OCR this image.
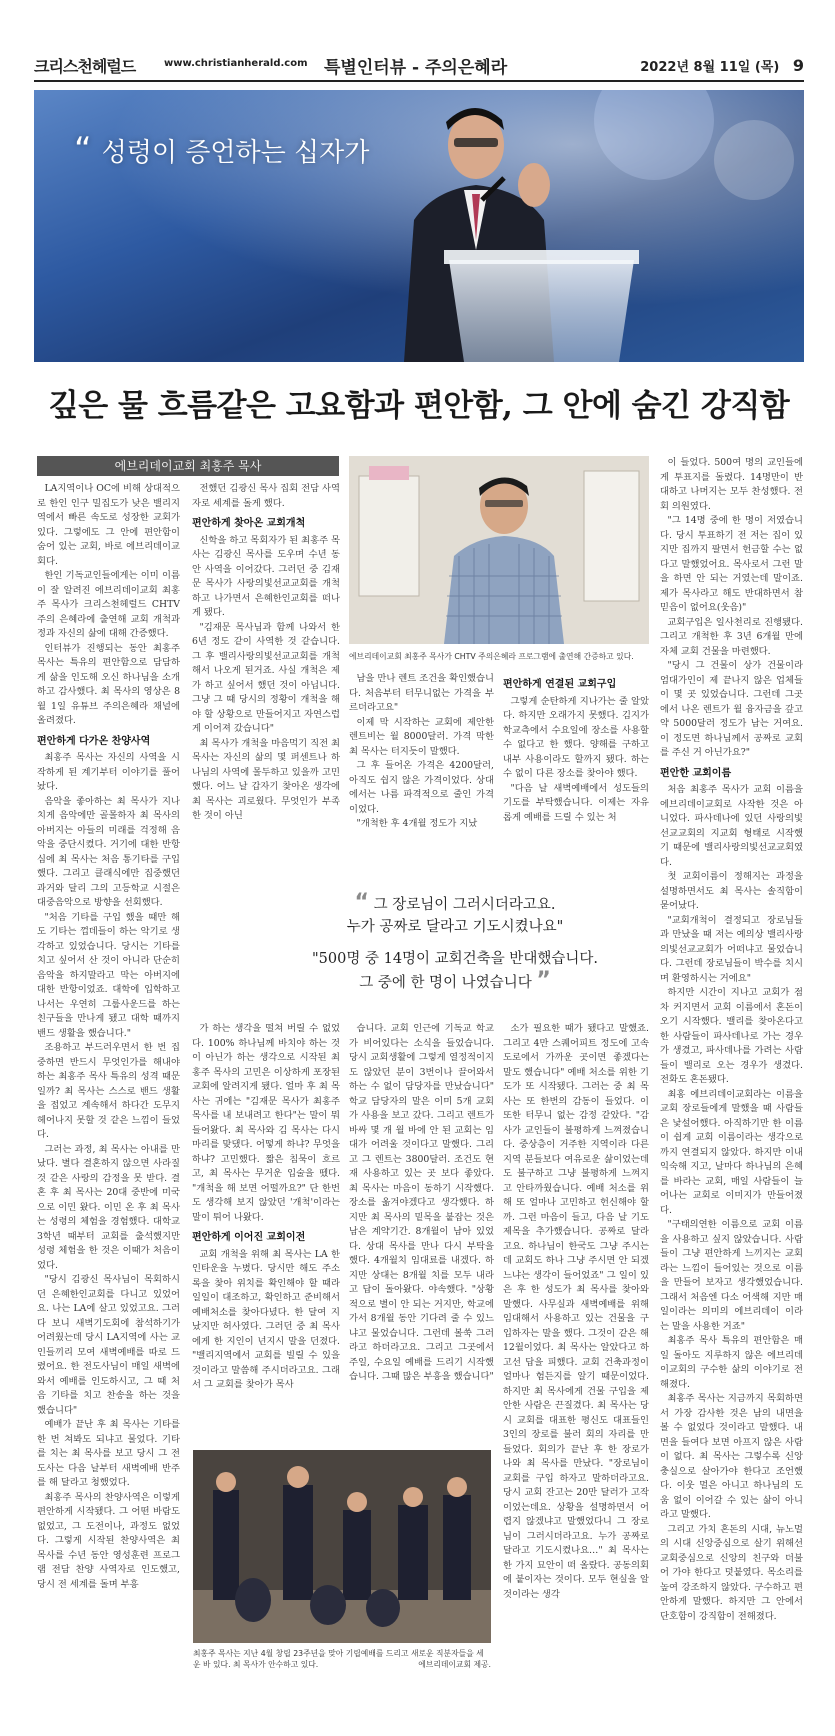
크리스천헤럴드	www.christianherald.com 특별인터뷰 - 주의은혜라	2022년 8월 11일 (목) 9
“ 성령이 증언하는 십자가
깊은 물 흐름같은 고요함과 편안함, 그 안에 숨긴 강직함
에브리데이교회 최홍주 목사

LA지역이나 OC에 비해 상대적으로 한인 인구 밀집도가 낮은 밸리지역에서 빠른 속도로 성장한 교회가 있다. 그렇에도 그 안에 편안함이 숨어 있는 교회, 바로 에브리데이교회다.

한인 기독교인들에게는 이미 이름이 잘 알려진 에브리데이교회 최홍주 목사가 크리스천헤럴드 CHTV 주의 은혜라에 출연해 교회 개척과정과 자신의 삶에 대해 간증했다.

인터뷰가 진행되는 동안 최홍주 목사는 특유의 편안함으로 담담하게 삶을 인도해 오신 하나님을 소개하고 감사했다. 최 목사의 영상은 8월 1일 유튜브 주의은혜라 채널에 올려졌다.

편안하게 다가온 찬양사역

최홍주 목사는 자신의 사역을 시작하게 된 계기부터 이야기를 풀어놨다.

음악을 좋아하는 최 목사가 지나치게 음악에만 골몰하자 최 목사의 아버지는 아들의 미래를 걱정해 음악을 중단시켰다. 거기에 대한 반항심에 최 목사는 처음 통기타를 구입했다. 그리고 클래식에만 집중했던 과거와 달리 그의 고등학교 시절은 대중음악으로 방향을 선회했다.

"처음 기타를 구입 했을 때만 해도 기타는 껍데들이 하는 악기로 생각하고 있었습니다. 당시는 기타를 치고 싶어서 산 것이 아니라 단순히 음악을 하지말라고 막는 아버지에 대한 반항이었죠. 대학에 입학하고 나서는 우연히 그룹사운드를 하는 친구들을 만나게 됐고 대학 때까지 밴드 생활을 했습니다."

조용하고 부드러우면서 한 번 집중하면 반드시 무엇인가를 해내야 하는 최홍주 목사 특유의 성격 때문일까? 최 목사는 스스로 밴드 생활을 접었고 계속해서 하다간 도무지 헤어나지 못할 것 같은 느낌이 들었다.

그러는 과정, 최 목사는 아내를 만났다. 별다 결혼하지 않으면 사라질 것 같은 사랑의 감정을 못 받다. 결혼 후 최 목사는 20대 중반에 미국으로 이민 왔다. 이민 온 후 최 목사는 성령의 체험을 경험했다. 대학교 3학년 때부터 교회를 출석했지만 성령 체험을 한 것은 이때가 처음이었다.

"당시 김광신 목사님이 목회하시던 은혜한인교회를 다니고 있었어요. 나는 LA에 살고 있었고요. 그러다 보니 새벽기도회에 참석하기가 어려웠는데 당시 LA지역에 사는 교인들끼리 모여 새벽예배를 따로 드렸어요. 한 전도사님이 매일 새벽에 와서 예배를 인도하시고, 그 때 처음 기타를 치고 찬송을 하는 것을 했습니다"

예배가 끝난 후 최 목사는 기타를 한 번 쳐봐도 되냐고 물었다. 기타를 치는 최 목사를 보고 당시 그 전도사는 다음 날부터 새벽예배 반주를 해 달라고 청했었다.

최홍주 목사의 찬양사역은 이렇게 편안하게 시작됐다. 그 어떤 바람도 없었고, 그 도전이나, 과정도 없었다. 그렇게 시작된 찬양사역은 최 목사를 수년 동안 영성훈련 프로그램 전담 찬양 사역자로 인도했고, 당시 전 세계를 돌며 부흥

전했던 김광신 목사 집회 전담 사역자로 세계를 돌게 했다.

편안하게 찾아온 교회개척

신학을 하고 목회자가 된 최홍주 목사는 김광신 목사를 도우며 수년 동안 사역을 이어갔다. 그러던 중 김재문 목사가 사랑의빛선교교회를 개척하고 나가면서 은혜한인교회를 떠나게 됐다.

"김재문 목사님과 함께 나와서 한 6년 정도 같이 사역한 것 같습니다. 그 후 밸리사랑의빛선교교회를 개척해서 나오게 된거죠. 사실 개척은 제가 하고 싶어서 했던 것이 아닙니다. 그냥 그 때 당시의 정황이 개척을 해야 할 상황으로 만들어지고 자연스럽게 이어져 갔습니다"

최 목사가 개척을 마음먹기 직전 최 목사는 자신의 삶의 몇 퍼센트나 하나님의 사역에 몰두하고 있을까 고민했다. 어느 날 갑자기 찾아온 생각에 최 목사는 괴로웠다. 무엇인가 부족한 것이 아닌

에브리데이교회 최홍주 목사가 CHTV 주의은혜라 프로그램에 출연해 간증하고 있다.

남을 만나 렌트 조건을 확인했습니다. 처음부터 터무니없는 가격을 부르더라고요"

이제 막 시작하는 교회에 제안한 렌트비는 월 8000달러. 가격 막한 최 목사는 터지듯이 말했다.

그 후 들어온 가격은 4200달러, 아직도 쉽지 않은 가격이었다. 상대에서는 나름 파격적으로 줄인 가격이었다.

"개척한 후 4개월 정도가 지났

편안하게 연결된 교회구입

그렇게 순탄하게 지나가는 줄 알았다. 하지만 오래가지 못했다. 김지가 학교측에서 수요일에 장소를 사용할 수 없다고 한 했다. 양해를 구하고 내부 사용이라도 할까지 됐다. 하는 수 없이 다른 장소를 찾아야 했다.

"다음 날 새벽예배에서 성도들의 기도를 부탁했습니다. 이제는 자유롭게 예배를 드릴 수 있는 처

“ 그 장로님이 그러시더라고요.
누가 공짜로 달라고 기도시켰나요"
"500명 중 14명이 교회건축을 반대했습니다.
그 중에 한 명이 나였습니다 ”

가 하는 생각을 떨쳐 버릴 수 없었다. 100% 하나님께 바치야 하는 것이 아닌가 하는 생각으로 시작된 최홍주 목사의 고민은 이상하게 포장된 교회에 알려지게 됐다. 얼마 후 최 목사는 귀에는 "김재문 목사가 최홍주 목사를 내 보내려고 한다"는 말이 뭐 들어왔다. 최 목사와 김 목사는 다시 마리를 맞댔다. 어떻게 하냐? 무엇을 하냐? 고민했다. 짧은 침묵이 흐르고, 최 목사는 무거운 입술을 뗐다. "개척을 해 보면 어떨까요?" 단 한번도 생각해 보지 않았던 '개척'이라는 말이 튀어 나왔다.

편안하게 이어진 교회이전

교회 개척을 위해 최 목사는 LA 한인타운을 누볐다. 당시만 해도 주소록을 찾아 위치를 확인해야 할 때라 일일이 대조하고, 확인하고 준비해서 예배처소를 찾아다녔다. 한 달여 지났지만 허사였다. 그러던 중 최 목사에게 한 지인이 넌지시 말을 던졌다. "밸리지역에서 교회를 빌릴 수 있을 것이라고 말씀해 주시더라고요. 그래서 그 교회를 찾아가 목사

습니다. 교회 인근에 기독교 학교가 비어있다는 소식을 들었습니다. 당시 교회생활에 그렇게 열정적이지도 않았던 분이 3번이나 끌어와서 하는 수 없이 담당자를 만났습니다" 학교 담당자의 말은 이미 5개 교회가 사용을 보고 갔다. 그리고 렌트가 바싸 몇 개 월 바에 안 된 교회는 임대가 어려울 것이다고 말했다. 그리고 그 렌트는 3800달러. 조건도 현재 사용하고 있는 곳 보다 좋았다. 최 목사는 마음이 동하기 시작했다. 장소를 옮겨야겠다고 생각했다. 하지만 최 목사의 밑목을 붙잡는 것은 남은 계약기간. 8개월이 남아 있었다. 상대 목사를 만나 다시 부탁을 했다. 4개월치 임대료를 내겠다. 하지만 상대는 8개월 치를 모두 내라고 답이 돌아왔다. 야속했다. "상황적으로 별이 안 되는 거지만, 학교에 가서 8개월 동안 기다려 줄 수 있느냐고 물었습니다. 그런데 볼쑥 그러라고 하더라고요. 그리고 그곳에서 주일, 수요일 예배를 드리기 시작했습니다. 그때 많은 부흥을 했습니다"

소가 필요한 때가 됐다고 말했죠. 그리고 4만 스퀘어피트 정도에 고속도로에서 가까운 곳이면 좋겠다는 말도 했습니다" 예배 처소를 위한 기도가 또 시작됐다. 그러는 중 최 목사는 또 한번의 감동이 들었다. 이 또한 터무니 없는 감정 같았다. "감사가 교인들이 불평하게 느껴졌습니다. 중상층이 거주한 지역이라 다른 지역 분들보다 여유로운 삶이었는데도 불구하고 그냥 불평하게 느껴지고 안타까웠습니다. 예배 처소를 위해 또 얼마나 고민하고 헌신해야 할까. 그런 마음이 들고, 다음 날 기도제목을 추가했습니다. 공짜로 달라고요. 하나님이 한국도 그냥 주시는데 교회도 하나 그냥 주시면 안 되겠느냐는 생각이 들어었죠" 그 일이 있은 후 한 성도가 최 목사를 찾아와 말했다. 사무실과 새벽예배를 위해 임대해서 사용하고 있는 건물을 구입하자는 말을 했다. 그것이 같은 해 12월이었다. 최 목사는 알았다고 하고선 답을 피했다. 교회 건축과정이 얼마나 험든지를 알기 때문이었다. 하지만 최 목사에게 건물 구입을 제안한 사람은 끈질겼다. 최 목사는 당시 교회를 대표한 평신도 대표들인 3인의 장로를 불러 회의 자리를 만들었다. 회의가 끝난 후 한 장로가 나와 최 목사를 만났다. "장로님이 교회를 구입 하자고 말하더라고요. 당시 교회 잔고는 20만 달러가 고작이었는데요. 상황을 설명하면서 어렵지 않겠냐고 말했었다니 그 장로님이 그러시더라고요. 누가 공짜로 달라고 기도시켰나요…" 최 목사는 한 가지 묘안이 떠 올랐다. 공동의회에 붙이자는 것이다. 모두 현실을 알 것이라는 생각

최홍주 목사는 지난 4월 창립 23주년을 맞아 기립예배를 드리고 새로운 직분자들을 세운 바 있다. 최 목사가 안수하고 있다.	에브리데이교회 제공.

이 들었다. 500여 명의 교인들에게 투표지를 돌렸다. 14명만이 반대하고 나머지는 모두 찬성했다. 전 회 의원였다.

"그 14명 중에 한 명이 저였습니다. 당시 투표하기 전 저는 집이 있지만 집까지 팔면서 헌금할 수는 없다고 말했었어요. 목사로서 그런 말을 하면 안 되는 거였는데 말이죠. 제가 목사라고 해도 반대하면서 참 믿음이 없어요(웃음)"

교회구입은 일사천리로 진행됐다. 그리고 개척한 후 3년 6개월 만에 자체 교회 건물을 마련했다.

"당시 그 건물이 상가 건물이라 엄대가인이 제 끝나지 않은 업체들이 몇 곳 있었습니다. 그런데 그곳에서 나온 렌트가 월 융자금을 갚고 약 5000달러 정도가 남는 거여요. 이 정도면 하나님께서 공짜로 교회를 주신 거 아닌가요?"

편안한 교회이름

처음 최홍주 목사가 교회 이름을 에브리데이교회로 사작한 것은 아니었다. 파사데나에 있던 사랑의빛선교교회의 지교회 형태로 시작했기 때문에 밸리사랑의빛선교교회였다.

첫 교회이름이 정해지는 과정을 설명하면서도 최 목사는 솔직함이 묻어났다.

"교회개척이 결정되고 장로님들과 만났을 때 저는 예의상 밸리사랑의빛선교교회가 어떠냐고 물었습니다. 그런데 장로님들이 박수를 치시며 환영하시는 거에요"

하지만 시간이 지나고 교회가 점차 커지면서 교회 이름에서 혼돈이 오기 시작했다. 밸리를 찾아온다고 한 사람들이 파사데나로 가는 경우가 생겼고, 파사데나를 가려는 사람들이 밸리로 오는 경우가 생겼다. 전화도 혼돈됐다.

최홍 에브리데이교회라는 이름을 교회 장로들에게 말했을 때 사람들은 낯설어했다. 아직하기만 한 이름이 쉽게 교회 이름이라는 생각으로까지 연결되지 않았다. 하지만 이내 익숙해 지고, 날마다 하나님의 은혜를 바라는 교회, 매일 사람들이 늘어나는 교회로 이미지가 만들어졌다.

"구태의연한 이름으로 교회 이름을 사용하고 싶지 않았습니다. 사람들이 그냥 편안하게 느끼지는 교회라는 느낌이 들어있는 것으로 이름을 만들어 보자고 생각했었습니다. 그래서 처음엔 다소 어색해 지만 매일이라는 의미의 에브리데이 이라는 말을 사용한 거죠"

최홍주 목사 특유의 편안함은 매일 돌아도 지루하지 않은 에브리데이교회의 구수한 삶의 이야기로 전해졌다.

최홍주 목사는 지금까지 목회하면서 가장 감사한 것은 남의 내면을 볼 수 없었다 것이라고 말했다. 내면을 들여다 보면 아프지 않은 사람이 없다. 최 목사는 그렇수록 신앙충실으로 살아가야 한다고 조언했다. 이웃 멀은 아니고 하나님의 도움 없이 이어갈 수 있는 삶이 아니라고 말했다.

그리고 가치 혼돈의 시대, 뉴노멀의 시대 신앙중심으로 살기 위해선 교회중심으로 신앙의 친구와 더불어 가야 한다고 덧붙였다. 목소리를 높여 강조하지 않았다. 구수하고 편안하게 말했다. 하지만 그 안에서 단호함이 강직함이 전해졌다.
